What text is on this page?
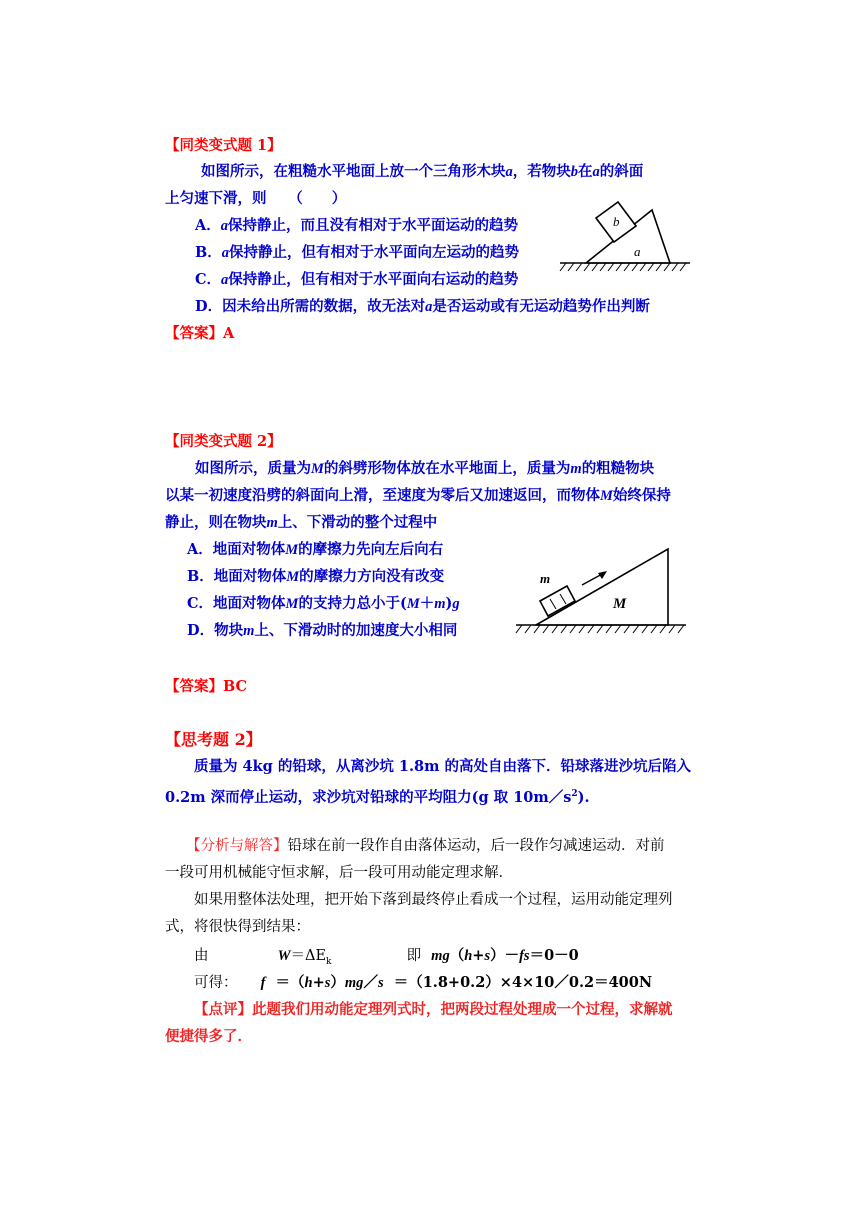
【同类变式题 1】
如图所示，在粗糙水平地面上放一个三角形木块a，若物块b在a的斜面
上匀速下滑，则　　（　　）
A．a保持静止，而且没有相对于水平面运动的趋势
B．a保持静止，但有相对于水平面向左运动的趋势
C．a保持静止，但有相对于水平面向右运动的趋势
D．因未给出所需的数据，故无法对a是否运动或有无运动趋势作出判断
b
a
【答案】A
【同类变式题 2】
如图所示，质量为M的斜劈形物体放在水平地面上，质量为m的粗糙物块
以某一初速度沿劈的斜面向上滑，至速度为零后又加速返回，而物体M始终保持
静止，则在物块m上、下滑动的整个过程中
A．地面对物体M的摩擦力先向左后向右
B．地面对物体M的摩擦力方向没有改变
C．地面对物体M的支持力总小于(M＋m)g
D．物块m上、下滑动时的加速度大小相同
m
M
【答案】BC
【思考题 2】
质量为 4kg 的铅球，从离沙坑 1.8m 的高处自由落下．铅球落进沙坑后陷入
0.2m 深而停止运动，求沙坑对铅球的平均阻力(g 取 $10m/s^2$).
【分析与解答】铅球在前一段作自由落体运动，后一段作匀减速运动．对前
一段可用机械能守恒求解，后一段可用动能定理求解．
如果用整体法处理，把开始下落到最终停止看成一个过程，运用动能定理列
式，将很快得到结果：
由	$W=\Delta E_k$	即 mg（h+s）－fs＝0－0
可得： f ＝（h+s）mg／s ＝（1.8+0.2）×4×10／0.2＝400N
【点评】此题我们用动能定理列式时，把两段过程处理成一个过程，求解就
便捷得多了．
